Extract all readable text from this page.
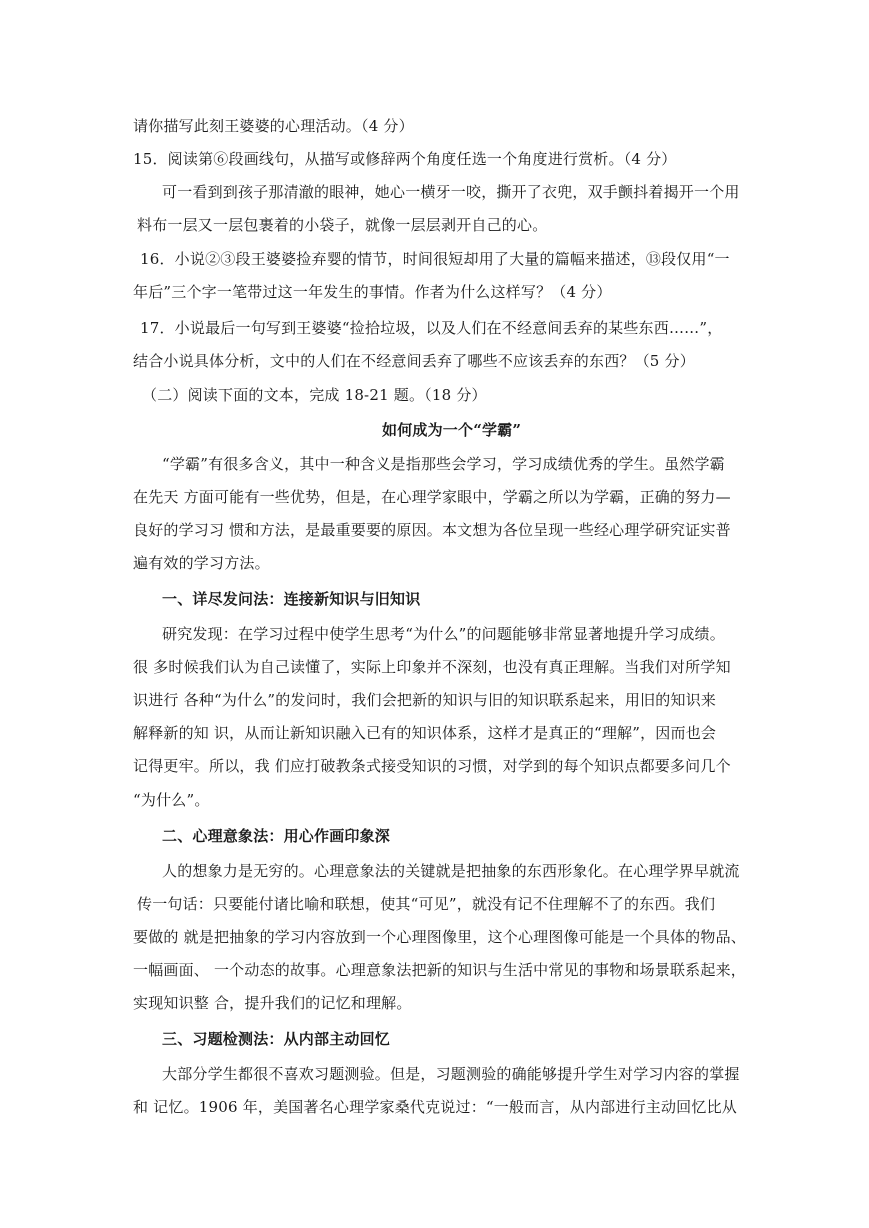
请你描写此刻王婆婆的心理活动。（4 分）
15．阅读第⑥段画线句，从描写或修辞两个角度任选一个角度进行赏析。（4 分）
可一看到到孩子那清澈的眼神，她心一横牙一咬，撕开了衣兜，双手颤抖着揭开一个用
料布一层又一层包裹着的小袋子，就像一层层剥开自己的心。
16．小说②③段王婆婆捡弃婴的情节，时间很短却用了大量的篇幅来描述，⑬段仅用“一
年后”三个字一笔带过这一年发生的事情。作者为什么这样写？（4 分）
17．小说最后一句写到王婆婆“捡拾垃圾，以及人们在不经意间丢弃的某些东西……”，
结合小说具体分析，文中的人们在不经意间丢弃了哪些不应该丢弃的东西？（5 分）
（二）阅读下面的文本，完成 18-21 题。（18 分）
如何成为一个“学霸”
“学霸”有很多含义，其中一种含义是指那些会学习，学习成绩优秀的学生。虽然学霸
在先天 方面可能有一些优势，但是，在心理学家眼中，学霸之所以为学霸，正确的努力—
良好的学习习 惯和方法，是最重要要的原因。本文想为各位呈现一些经心理学研究证实普
遍有效的学习方法。
一、详尽发问法：连接新知识与旧知识
研究发现：在学习过程中使学生思考“为什么”的问题能够非常显著地提升学习成绩。
很 多时候我们认为自己读懂了，实际上印象并不深刻，也没有真正理解。当我们对所学知
识进行 各种“为什么”的发问时，我们会把新的知识与旧的知识联系起来，用旧的知识来
解释新的知 识，从而让新知识融入已有的知识体系，这样才是真正的“理解”，因而也会
记得更牢。所以，我 们应打破教条式接受知识的习惯，对学到的每个知识点都要多问几个
“为什么”。
二、心理意象法：用心作画印象深
人的想象力是无穷的。心理意象法的关键就是把抽象的东西形象化。在心理学界早就流
传一句话：只要能付诸比喻和联想，使其“可见”，就没有记不住理解不了的东西。我们
要做的 就是把抽象的学习内容放到一个心理图像里，这个心理图像可能是一个具体的物品、
一幅画面、 一个动态的故事。心理意象法把新的知识与生活中常见的事物和场景联系起来，
实现知识整 合，提升我们的记忆和理解。
三、习题检测法：从内部主动回忆
大部分学生都很不喜欢习题测验。但是，习题测验的确能够提升学生对学习内容的掌握
和 记忆。1906 年，美国著名心理学家桑代克说过：“一般而言，从内部进行主动回忆比从
